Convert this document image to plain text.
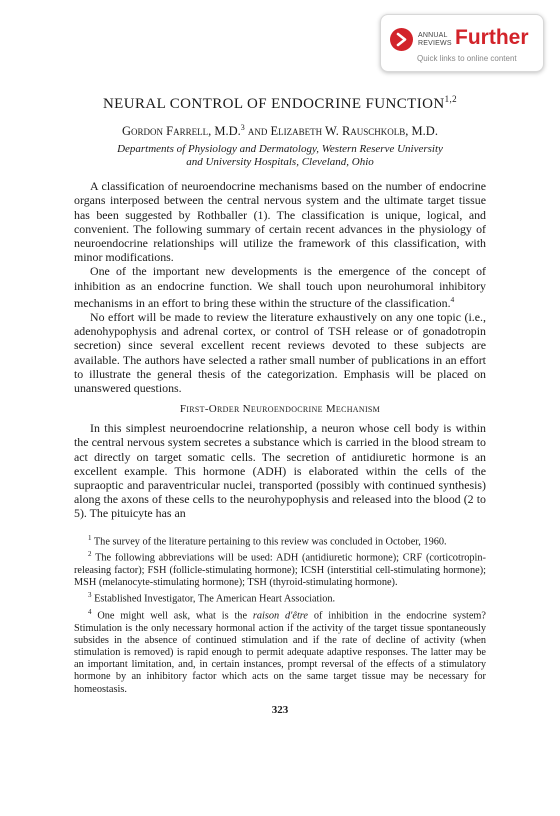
ANNUAL
REVIEWS Further
Quick links to online content
NEURAL CONTROL OF ENDOCRINE FUNCTION$^{1,2}$
Gordon Farrell, M.D.$^3$ and Elizabeth W. Rauschkolb, M.D.
Departments of Physiology and Dermatology, Western Reserve University
and University Hospitals, Cleveland, Ohio

A classification of neuroendocrine mechanisms based on the number of endocrine organs interposed between the central nervous system and the ultimate target tissue has been suggested by Rothballer (1). The classification is unique, logical, and convenient. The following summary of certain recent advances in the physiology of neuroendocrine relationships will utilize the framework of this classification, with minor modifications.

One of the important new developments is the emergence of the concept of inhibition as an endocrine function. We shall touch upon neurohumoral inhibitory mechanisms in an effort to bring these within the structure of the classification.$^4$

No effort will be made to review the literature exhaustively on any one topic (i.e., adenohypophysis and adrenal cortex, or control of TSH release or of gonadotropin secretion) since several excellent recent reviews devoted to these subjects are available. The authors have selected a rather small number of publications in an effort to illustrate the general thesis of the categorization. Emphasis will be placed on unanswered questions.

First-Order Neuroendocrine Mechanism

In this simplest neuroendocrine relationship, a neuron whose cell body is within the central nervous system secretes a substance which is carried in the blood stream to act directly on target somatic cells. The secretion of antidiuretic hormone is an excellent example. This hormone (ADH) is elaborated within the cells of the supraoptic and paraventricular nuclei, transported (possibly with continued synthesis) along the axons of these cells to the neurohypophysis and released into the blood (2 to 5). The pituicyte has an

$^1$ The survey of the literature pertaining to this review was concluded in October, 1960.

$^2$ The following abbreviations will be used: ADH (antidiuretic hormone); CRF (corticotropin-releasing factor); FSH (follicle-stimulating hormone); ICSH (interstitial cell-stimulating hormone); MSH (melanocyte-stimulating hormone); TSH (thyroid-stimulating hormone).

$^3$ Established Investigator, The American Heart Association.

$^4$ One might well ask, what is the raison d'être of inhibition in the endocrine system? Stimulation is the only necessary hormonal action if the activity of the target tissue spontaneously subsides in the absence of continued stimulation and if the rate of decline of activity (when stimulation is removed) is rapid enough to permit adequate adaptive responses. The latter may be an important limitation, and, in certain instances, prompt reversal of the effects of a stimulatory hormone by an inhibitory factor which acts on the same target tissue may be necessary for homeostasis.

323
